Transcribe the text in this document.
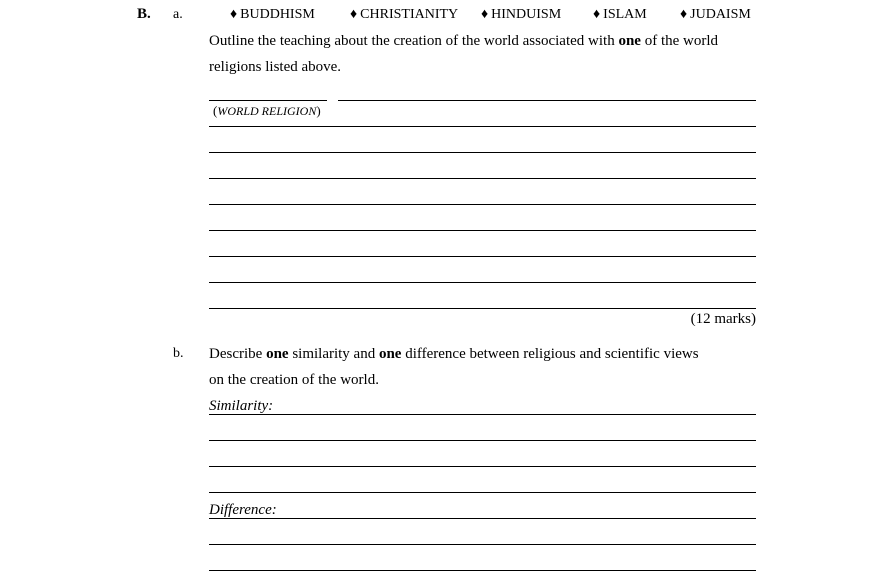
B. a.	♦ BUDDHISM	♦ CHRISTIANITY ♦ HINDUISM ♦ ISLAM ♦ JUDAISM
Outline the teaching about the creation of the world associated with one of the world
religions listed above.
(WORLD RELIGION)
(12 marks)
b. Describe one similarity and one difference between religious and scientific views
on the creation of the world.
Similarity:
Difference:
